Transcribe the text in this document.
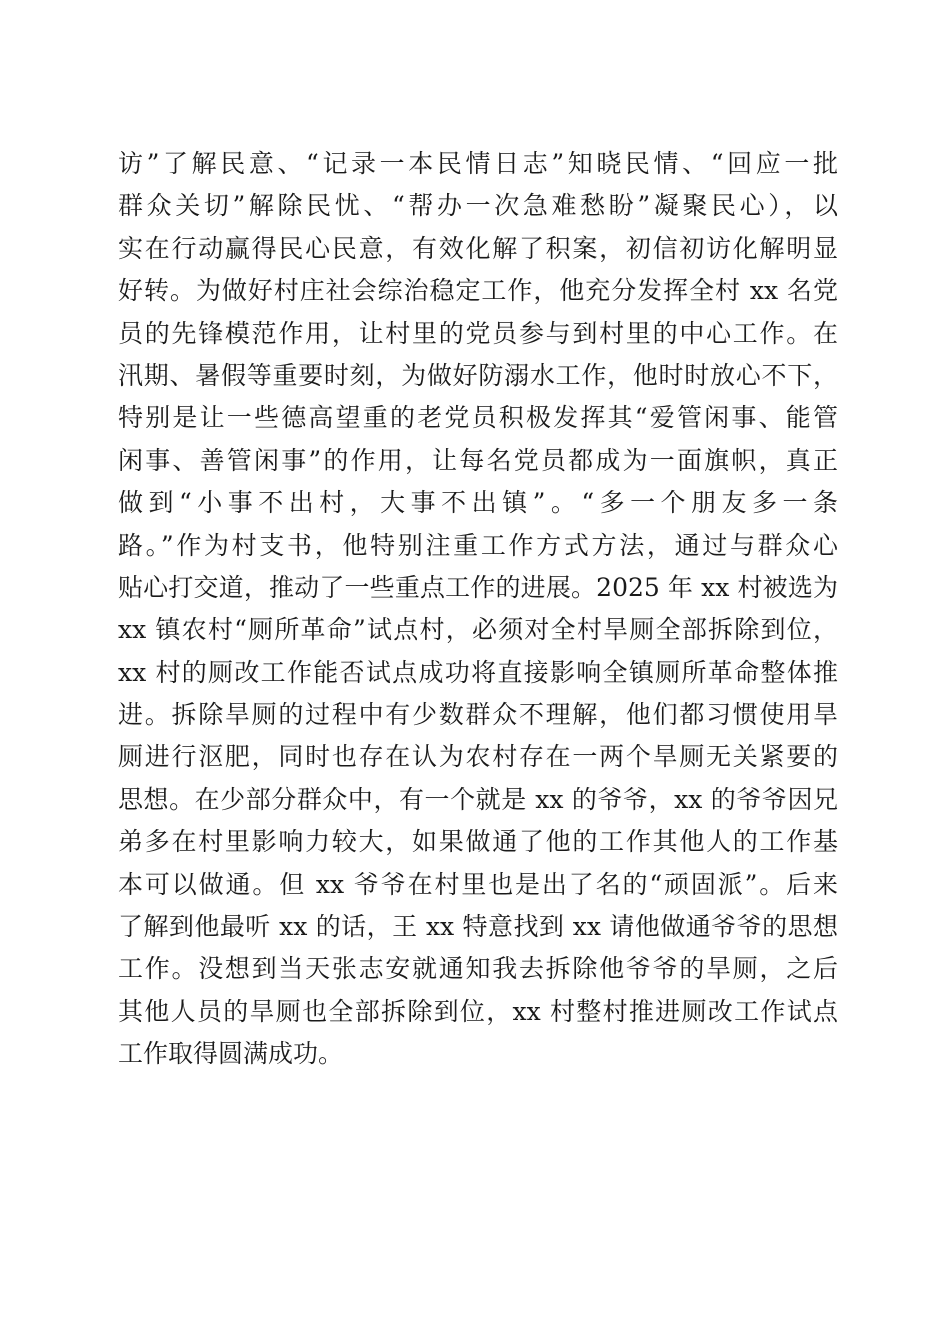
访”了解民意、“记录一本民情日志”知晓民情、“回应一批
群众关切”解除民忧、“帮办一次急难愁盼”凝聚民心），以
实在行动赢得民心民意，有效化解了积案，初信初访化解明显
好转。为做好村庄社会综治稳定工作，他充分发挥全村 xx 名党
员的先锋模范作用，让村里的党员参与到村里的中心工作。在
汛期、暑假等重要时刻，为做好防溺水工作，他时时放心不下，
特别是让一些德高望重的老党员积极发挥其“爱管闲事、能管
闲事、善管闲事”的作用，让每名党员都成为一面旗帜，真正
做到“小事不出村，大事不出镇”。“多一个朋友多一条
路。”作为村支书，他特别注重工作方式方法，通过与群众心
贴心打交道，推动了一些重点工作的进展。2025 年 xx 村被选为
xx 镇农村“厕所革命”试点村，必须对全村旱厕全部拆除到位，
xx 村的厕改工作能否试点成功将直接影响全镇厕所革命整体推
进。拆除旱厕的过程中有少数群众不理解，他们都习惯使用旱
厕进行沤肥，同时也存在认为农村存在一两个旱厕无关紧要的
思想。在少部分群众中，有一个就是 xx 的爷爷，xx 的爷爷因兄
弟多在村里影响力较大，如果做通了他的工作其他人的工作基
本可以做通。但 xx 爷爷在村里也是出了名的“顽固派”。后来
了解到他最听 xx 的话，王 xx 特意找到 xx 请他做通爷爷的思想
工作。没想到当天张志安就通知我去拆除他爷爷的旱厕，之后
其他人员的旱厕也全部拆除到位，xx 村整村推进厕改工作试点
工作取得圆满成功。
